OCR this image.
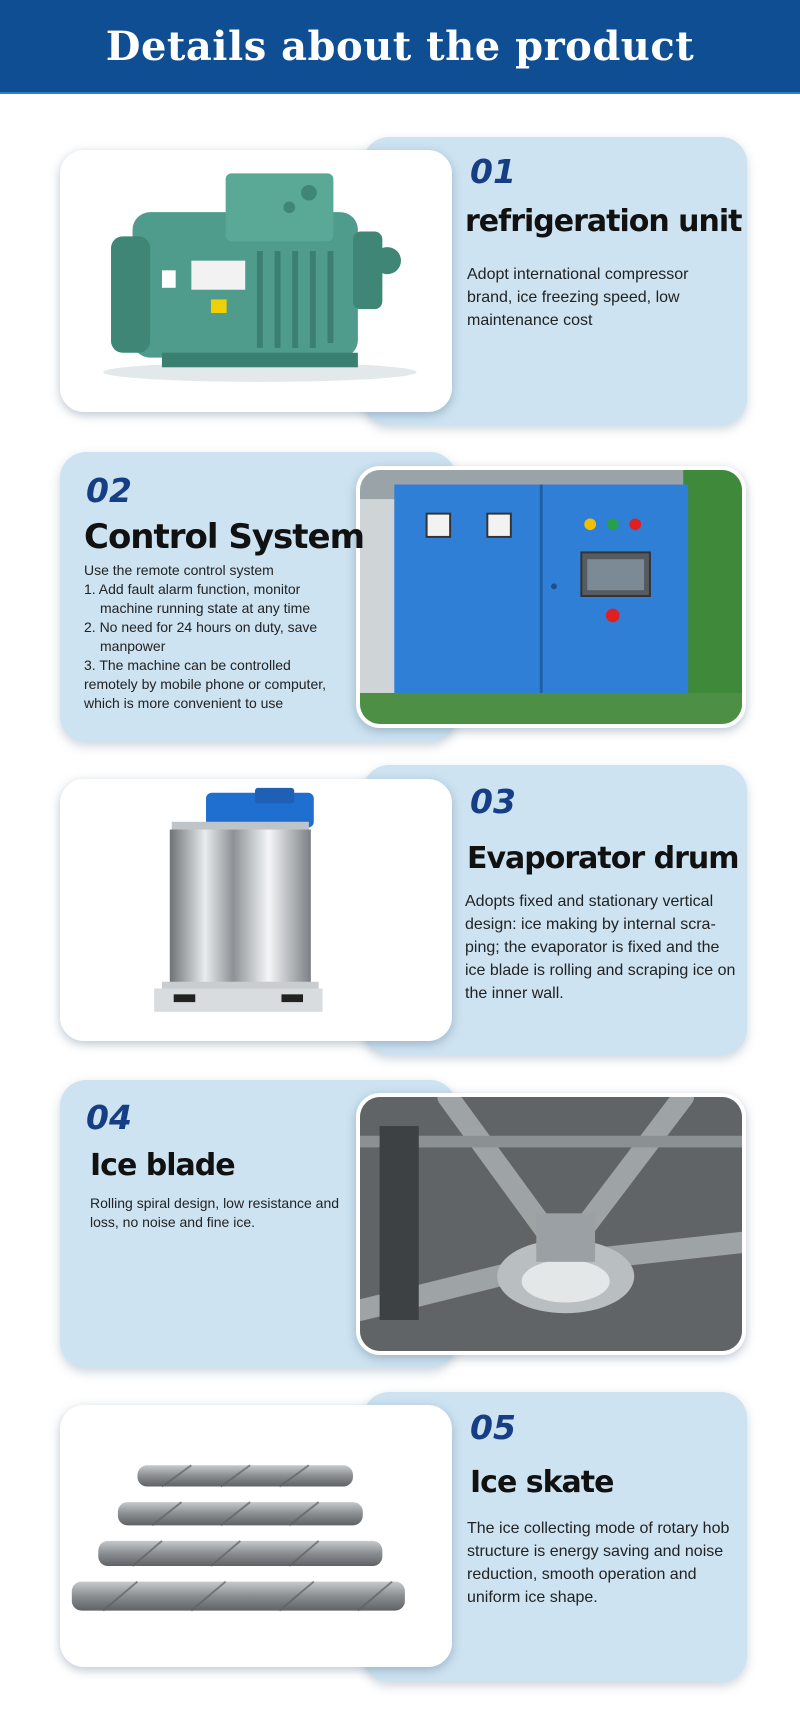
Details about the product
01
refrigeration unit
Adopt international compressor brand, ice freezing speed, low maintenance cost
02
Control System

Use the remote control system

1. Add fault alarm function, monitor

machine running state at any time

2. No need for 24 hours on duty, save

manpower

3. The machine can be controlled

remotely by mobile phone or computer,

which is more convenient to use

03
Evaporator drum
Adopts fixed and stationary vertical design: ice making by internal scra-ping; the evaporator is fixed and the ice blade is rolling and scraping ice on the inner wall.
04
Ice blade
Rolling spiral design, low resistance and loss, no noise and fine ice.
05
Ice skate
The ice collecting mode of rotary hob structure is energy saving and noise reduction, smooth operation and uniform ice shape.
